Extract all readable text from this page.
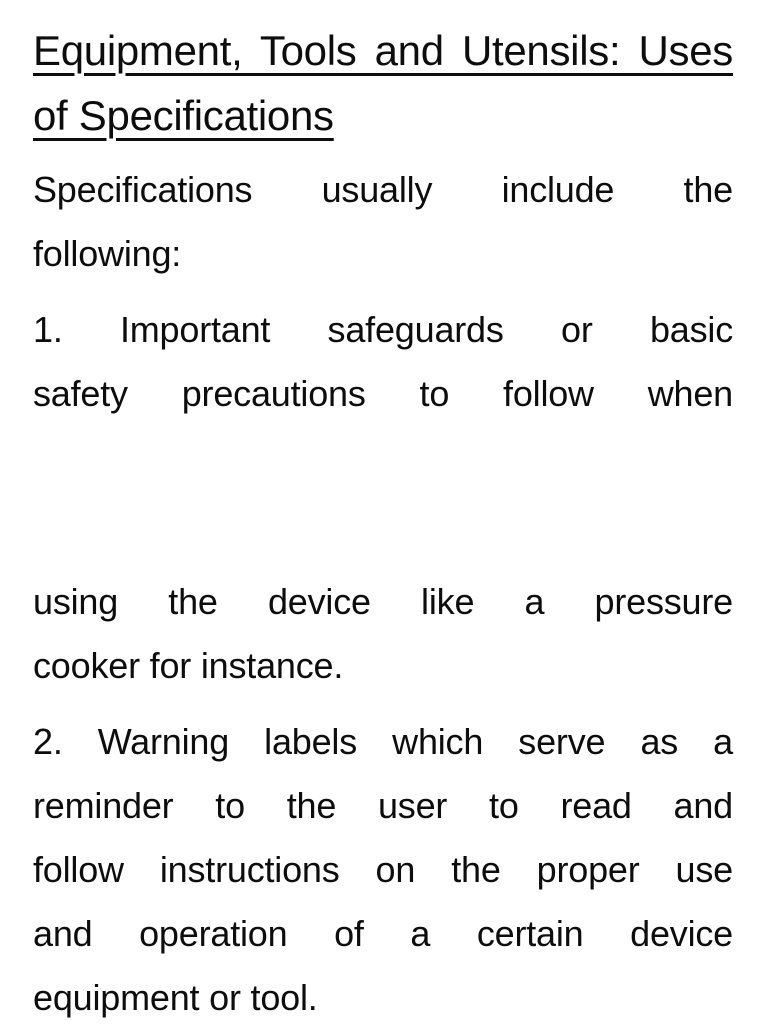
Equipment, Tools and Utensils: Uses
of Specifications
Specifications usually include the
following:
1. Important safeguards or basic
safety precautions to follow when
using the device like a pressure
cooker for instance.
2. Warning labels which serve as a
reminder to the user to read and
follow instructions on the proper use
and operation of a certain device
equipment or tool.
